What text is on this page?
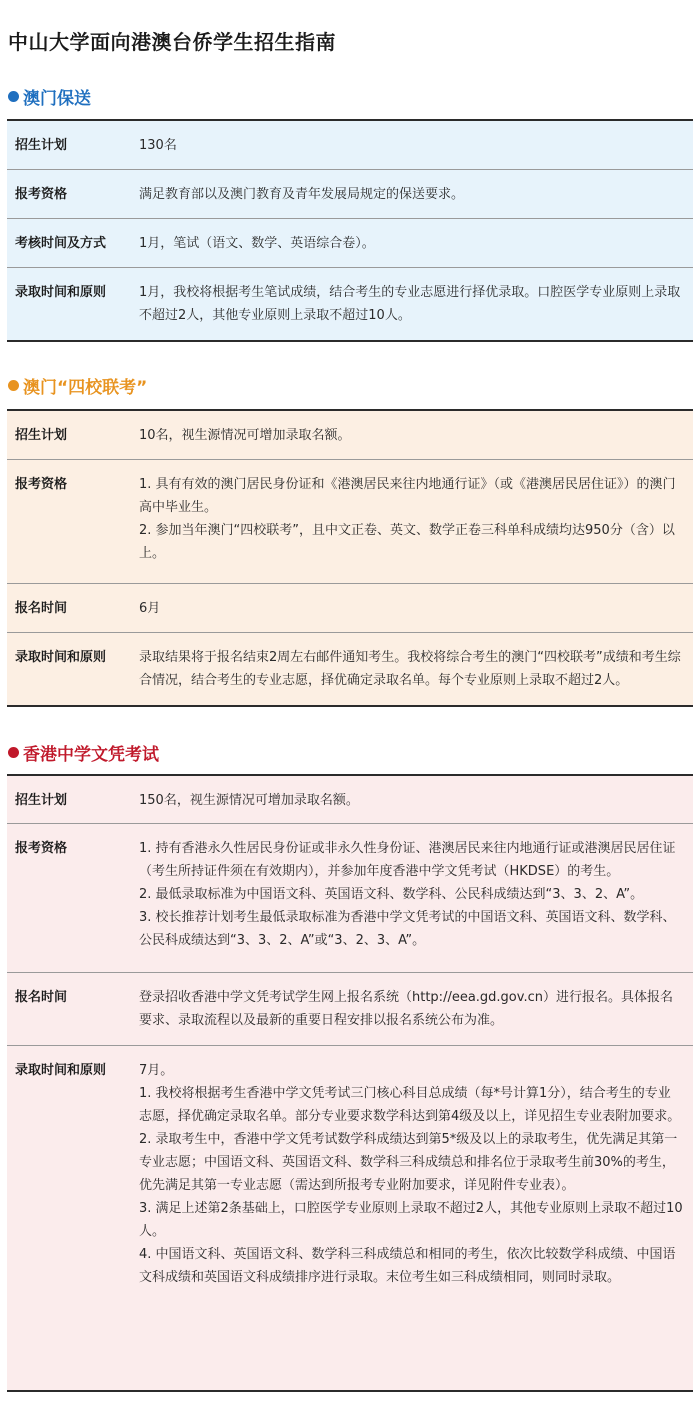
中山大学面向港澳台侨学生招生指南
澳门保送
招生计划	130名

报考资格	满足教育部以及澳门教育及青年发展局规定的保送要求。

考核时间及方式	1月，笔试（语文、数学、英语综合卷）。

录取时间和原则	1月，我校将根据考生笔试成绩，结合考生的专业志愿进行择优录取。口腔医学专业原则上录取不超过2人，其他专业原则上录取不超过10人。

澳门“四校联考”
招生计划	10名，视生源情况可增加录取名额。

报考资格	1. 具有有效的澳门居民身份证和《港澳居民来往内地通行证》（或《港澳居民居住证》）的澳门高中毕业生。

2. 参加当年澳门“四校联考”，且中文正卷、英文、数学正卷三科单科成绩均达950分（含）以上。

报名时间	6月

录取时间和原则	录取结果将于报名结束2周左右邮件通知考生。我校将综合考生的澳门“四校联考”成绩和考生综合情况，结合考生的专业志愿，择优确定录取名单。每个专业原则上录取不超过2人。

香港中学文凭考试
招生计划	150名，视生源情况可增加录取名额。

报考资格	1. 持有香港永久性居民身份证或非永久性身份证、港澳居民来往内地通行证或港澳居民居住证（考生所持证件须在有效期内），并参加年度香港中学文凭考试（HKDSE）的考生。

2. 最低录取标准为中国语文科、英国语文科、数学科、公民科成绩达到“3、3、2、A”。

3. 校长推荐计划考生最低录取标准为香港中学文凭考试的中国语文科、英国语文科、数学科、公民科成绩达到“3、3、2、A”或“3、2、3、A”。

报名时间	登录招收香港中学文凭考试学生网上报名系统（http://eea.gd.gov.cn）进行报名。具体报名要求、录取流程以及最新的重要日程安排以报名系统公布为准。

录取时间和原则	7月。

1. 我校将根据考生香港中学文凭考试三门核心科目总成绩（每*号计算1分），结合考生的专业志愿，择优确定录取名单。部分专业要求数学科达到第4级及以上，详见招生专业表附加要求。

2. 录取考生中，香港中学文凭考试数学科成绩达到第5*级及以上的录取考生，优先满足其第一专业志愿；中国语文科、英国语文科、数学科三科成绩总和排名位于录取考生前30%的考生，优先满足其第一专业志愿（需达到所报考专业附加要求，详见附件专业表）。

3. 满足上述第2条基础上，口腔医学专业原则上录取不超过2人，其他专业原则上录取不超过10人。

4. 中国语文科、英国语文科、数学科三科成绩总和相同的考生，依次比较数学科成绩、中国语文科成绩和英国语文科成绩排序进行录取。末位考生如三科成绩相同，则同时录取。
